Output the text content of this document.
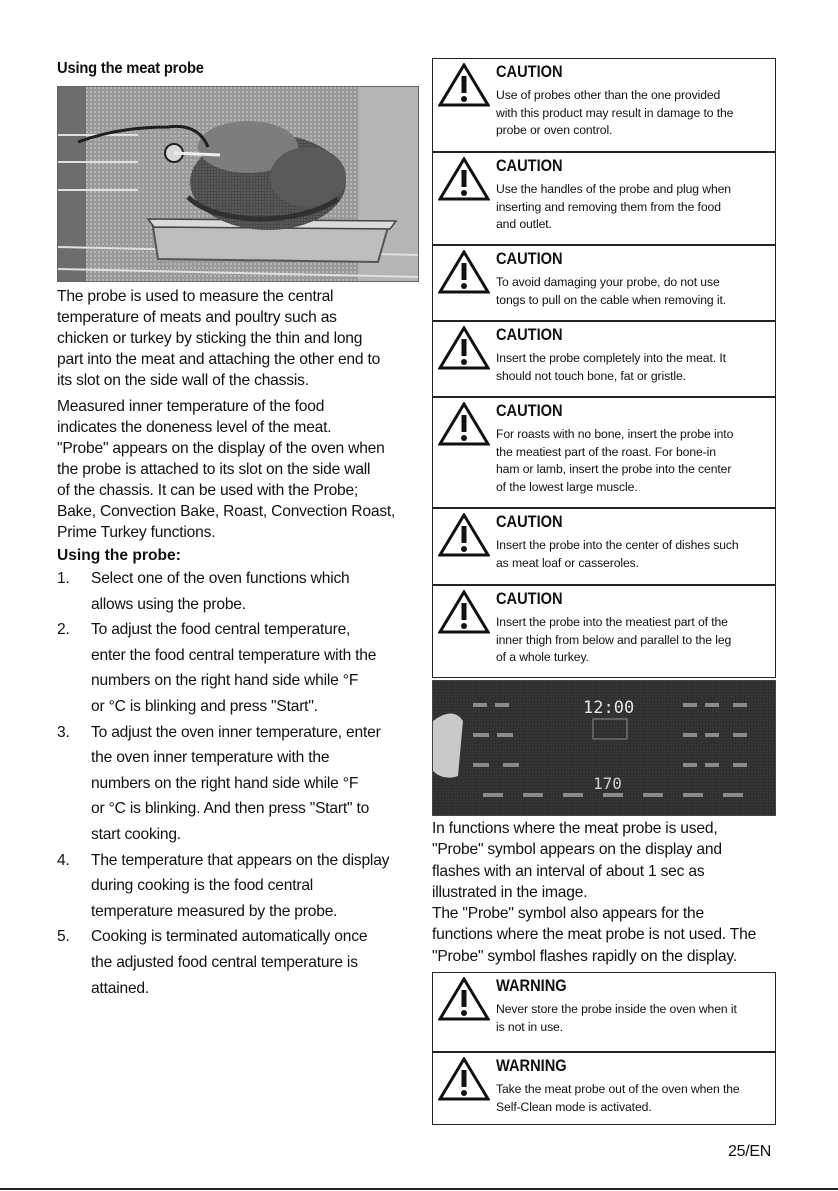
Using the meat probe

The probe is used to measure the central

temperature of meats and poultry such as

chicken or turkey by sticking the thin and long

part into the meat and attaching the other end to

its slot on the side wall of the chassis.

Measured inner temperature of the food

indicates the doneness level of the meat.

"Probe" appears on the display of the oven when

the probe is attached to its slot on the side wall

of the chassis. It can be used with the Probe;

Bake, Convection Bake, Roast, Convection Roast,

Prime Turkey functions.

Using the probe:
1.	Select one of the oven functions which
allows using the probe.
2.	To adjust the food central temperature,
enter the food central temperature with the
numbers on the right hand side while °F
or °C is blinking and press "Start".
3.	To adjust the oven inner temperature, enter
the oven inner temperature with the
numbers on the right hand side while °F
or °C is blinking. And then press "Start" to
start cooking.
4.	The temperature that appears on the display
during cooking is the food central
temperature measured by the probe.
5.	Cooking is terminated automatically once
the adjusted food central temperature is
attained.
CAUTION
Use of probes other than the one provided
with this product may result in damage to the
probe or oven control.
CAUTION
Use the handles of the probe and plug when
inserting and removing them from the food
and outlet.
CAUTION
To avoid damaging your probe, do not use
tongs to pull on the cable when removing it.
CAUTION
Insert the probe completely into the meat. It
should not touch bone, fat or gristle.
CAUTION
For roasts with no bone, insert the probe into
the meatiest part of the roast. For bone-in
ham or lamb, insert the probe into the center
of the lowest large muscle.
CAUTION
Insert the probe into the center of dishes such
as meat loaf or casseroles.
CAUTION
Insert the probe into the meatiest part of the
inner thigh from below and parallel to the leg
of a whole turkey.
12:00
170

In functions where the meat probe is used,

"Probe" symbol appears on the display and

flashes with an interval of about 1 sec as

illustrated in the image.

The "Probe" symbol also appears for the

functions where the meat probe is not used. The

"Probe" symbol flashes rapidly on the display.

WARNING
Never store the probe inside the oven when it
is not in use.
WARNING
Take the meat probe out of the oven when the
Self-Clean mode is activated.
25/EN
